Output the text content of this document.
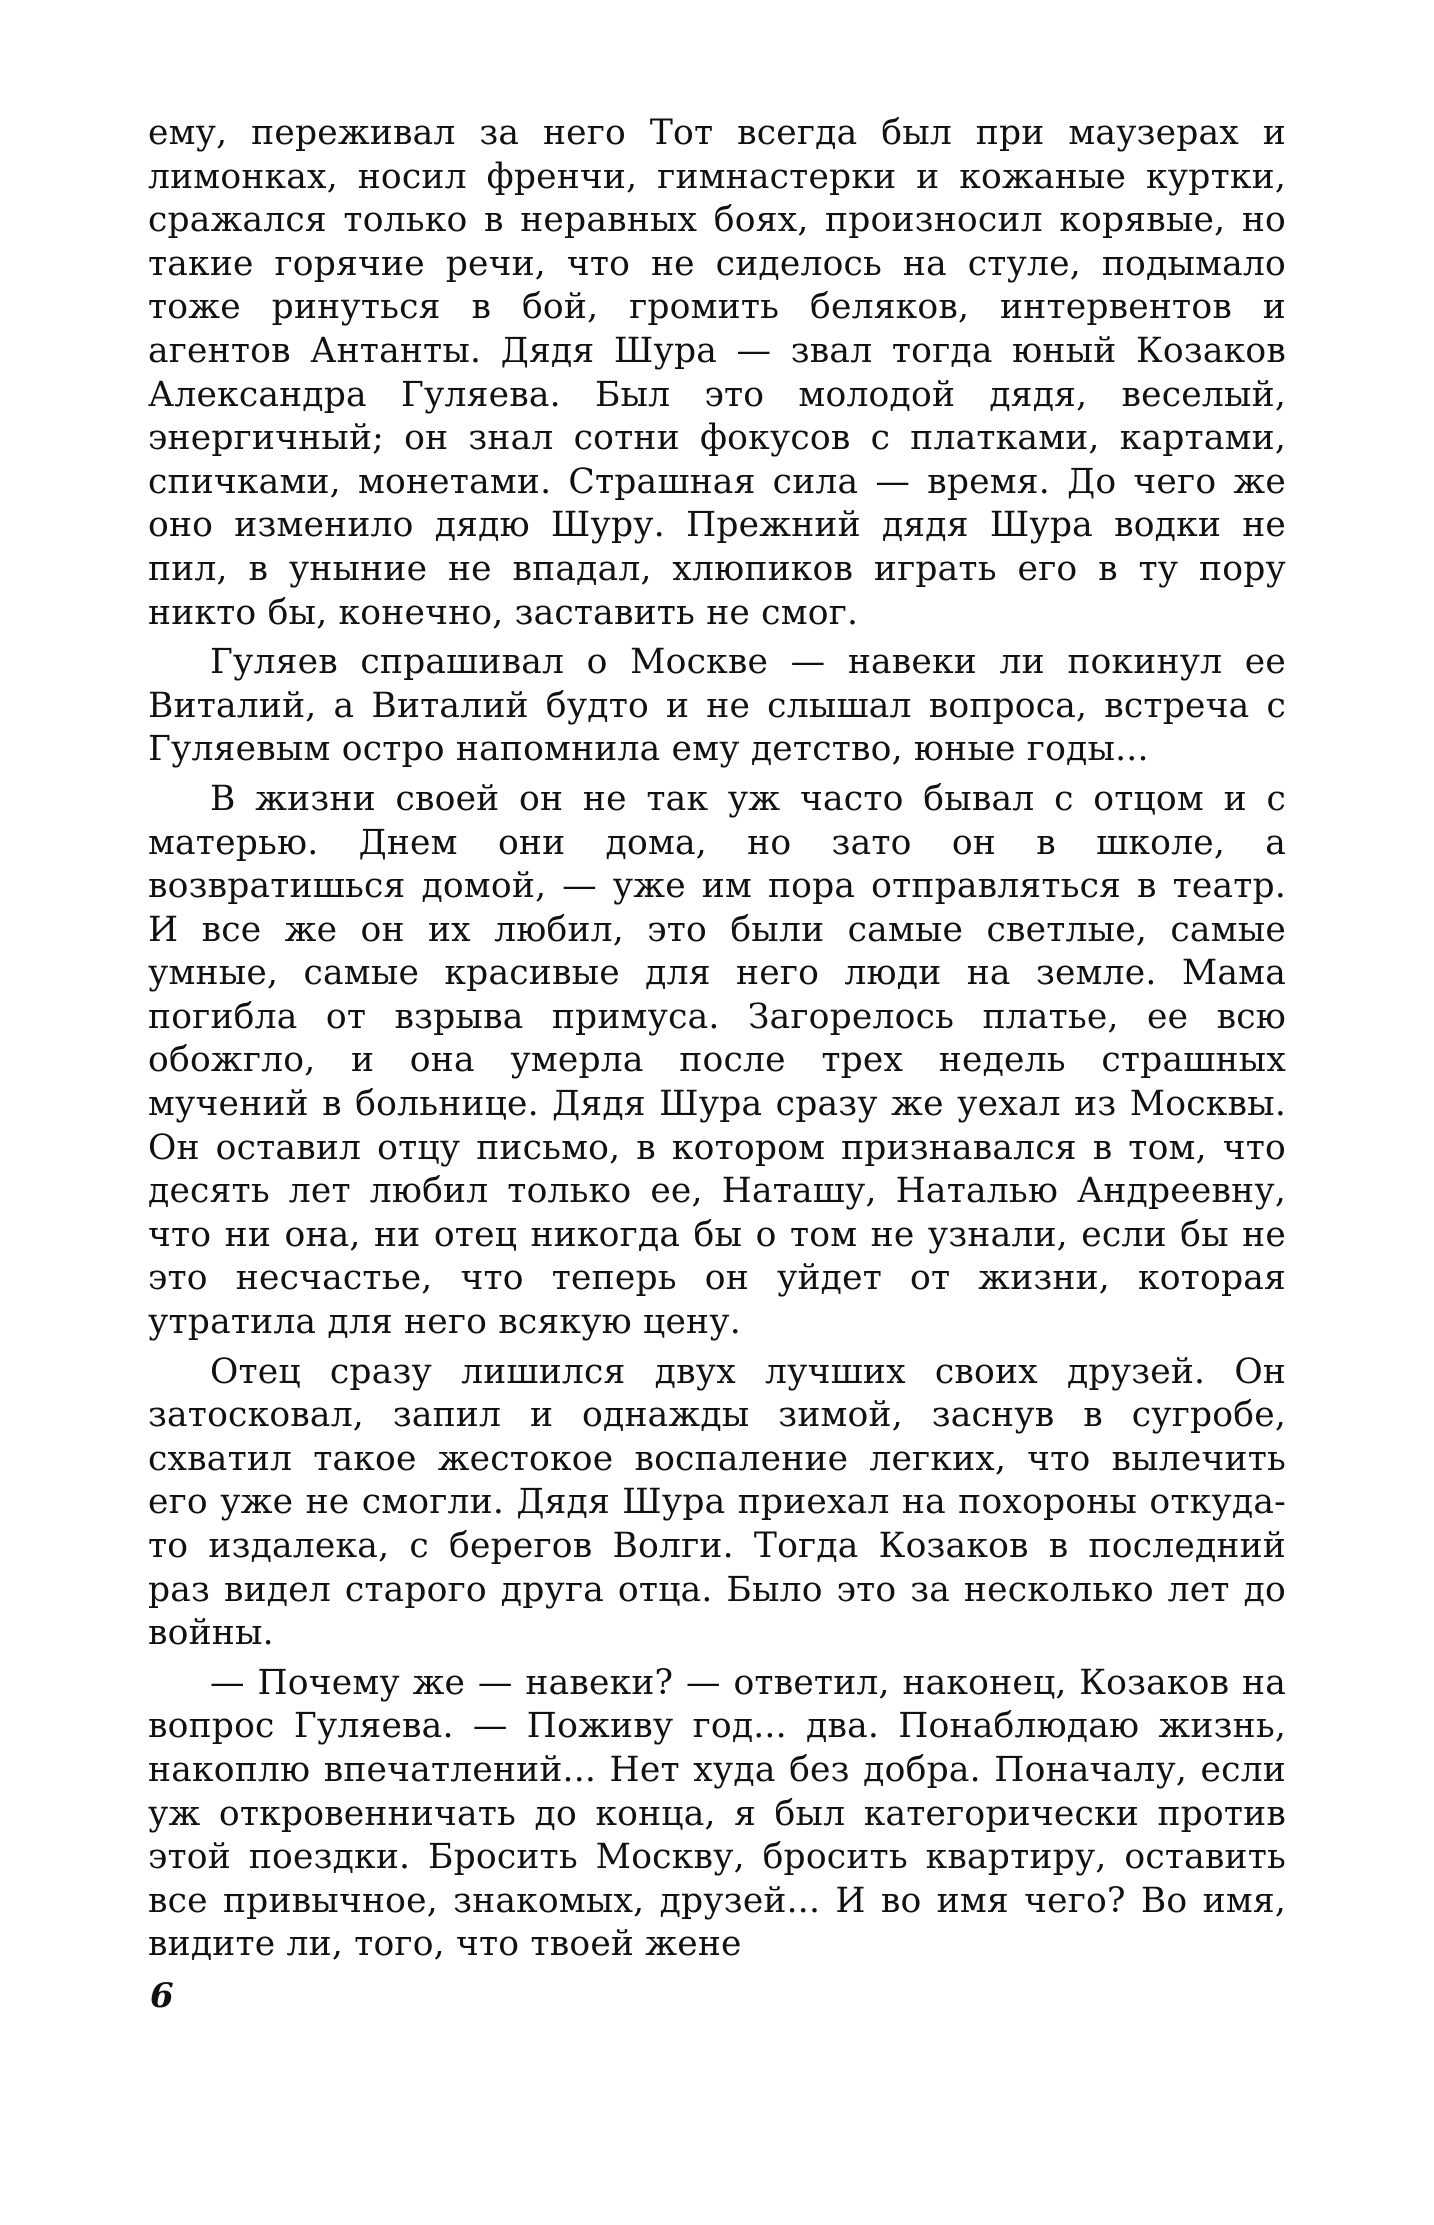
ему, переживал за него Тот всегда был при маузерах и лимонках, носил френчи, гимнастерки и кожаные куртки, сражался только в неравных боях, произносил корявые, но такие горячие речи, что не сиделось на стуле, подымало тоже ринуться в бой, громить беляков, интервентов и агентов Антанты. Дядя Шура — звал тогда юный Козаков Александра Гуляева. Был это молодой дядя, веселый, энергичный; он знал сотни фокусов с платками, картами, спичками, монетами. Страшная сила — время. До чего же оно изменило дядю Шуру. Прежний дядя Шура водки не пил, в уныние не впадал, хлюпиков играть его в ту пору никто бы, конечно, заставить не смог.

Гуляев спрашивал о Москве — навеки ли покинул ее Виталий, а Виталий будто и не слышал вопроса, встреча с Гуляевым остро напомнила ему детство, юные годы...

В жизни своей он не так уж часто бывал с отцом и с матерью. Днем они дома, но зато он в школе, а возвратишься домой, — уже им пора отправляться в театр. И все же он их любил, это были самые светлые, самые умные, самые красивые для него люди на земле. Мама погибла от взрыва примуса. Загорелось платье, ее всю обожгло, и она умерла после трех недель страшных мучений в больнице. Дядя Шура сразу же уехал из Москвы. Он оставил отцу письмо, в котором признавался в том, что десять лет любил только ее, Наташу, Наталью Андреевну, что ни она, ни отец никогда бы о том не узнали, если бы не это несчастье, что теперь он уйдет от жизни, которая утратила для него всякую цену.

Отец сразу лишился двух лучших своих друзей. Он затосковал, запил и однажды зимой, заснув в сугробе, схватил такое жестокое воспаление легких, что вылечить его уже не смогли. Дядя Шура приехал на похороны откуда-то издалека, с берегов Волги. Тогда Козаков в последний раз видел старого друга отца. Было это за несколько лет до войны.

— Почему же — навеки? — ответил, наконец, Козаков на вопрос Гуляева. — Поживу год... два. Понаблюдаю жизнь, накоплю впечатлений... Нет худа без добра. Поначалу, если уж откровенничать до конца, я был категорически против этой поездки. Бросить Москву, бросить квартиру, оставить все привычное, знакомых, друзей... И во имя чего? Во имя, видите ли, того, что твоей жене

6
